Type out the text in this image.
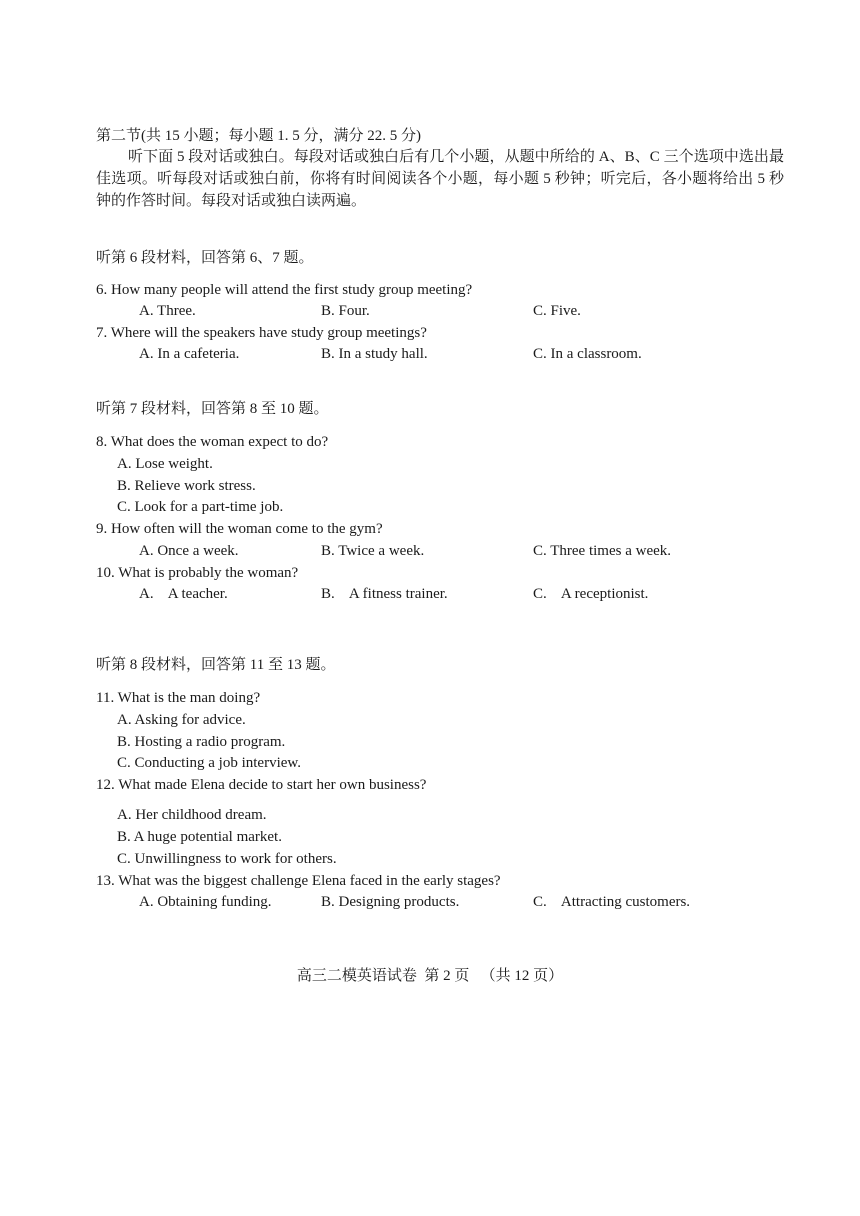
第二节(共 15 小题；每小题 1. 5 分，满分 22. 5 分)
听下面 5 段对话或独白。每段对话或独白后有几个小题，从题中所给的 A、B、C 三个选项中选出最佳选项。听每段对话或独白前，你将有时间阅读各个小题，每小题 5 秒钟；听完后，各小题将给出 5 秒钟的作答时间。每段对话或独白读两遍。
听第 6 段材料，回答第 6、7 题。
6. How many people will attend the first study group meeting?
A. Three.	B. Four.	C. Five.
7. Where will the speakers have study group meetings?
A. In a cafeteria.	B. In a study hall.	C. In a classroom.
听第 7 段材料，回答第 8 至 10 题。
8. What does the woman expect to do?
A. Lose weight.
B. Relieve work stress.
C. Look for a part-time job.
9. How often will the woman come to the gym?
A. Once a week.	B. Twice a week.	C. Three times a week.
10. What is probably the woman?
A.    A teacher.	B.    A fitness trainer.	C.    A receptionist.
听第 8 段材料，回答第 11 至 13 题。
11. What is the man doing?
A. Asking for advice.
B. Hosting a radio program.
C. Conducting a job interview.
12. What made Elena decide to start her own business?
A. Her childhood dream.
B. A huge potential market.
C. Unwillingness to work for others.
13. What was the biggest challenge Elena faced in the early stages?
A. Obtaining funding.	B. Designing products.	C.    Attracting customers.
高三二模英语试卷  第 2 页   （共 12 页）
